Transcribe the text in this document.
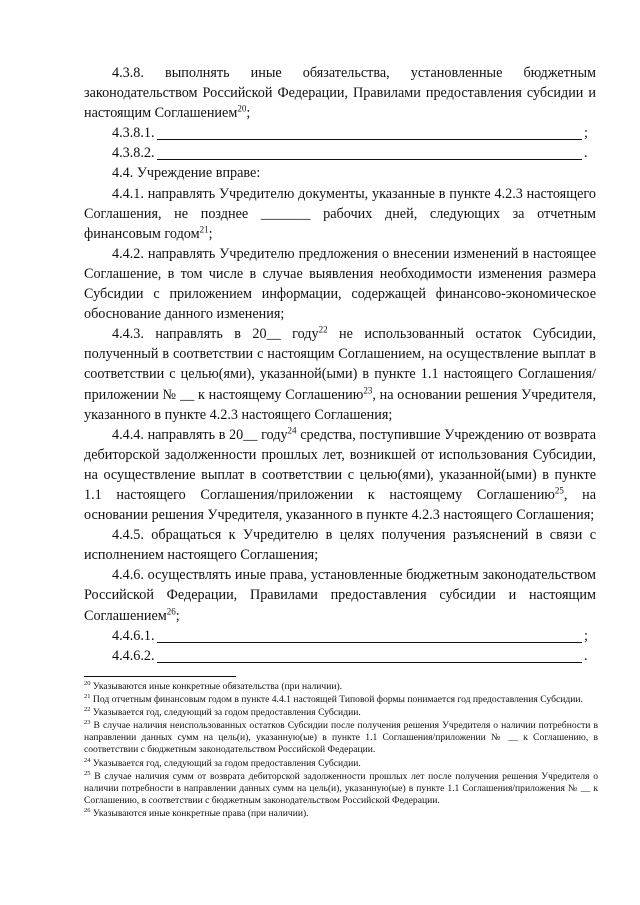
4.3.8. выполнять иные обязательства, установленные бюджетным законодательством Российской Федерации, Правилами предоставления субсидии и настоящим Соглашением$^{20}$;

4.3.8.1.	;
4.3.8.2.	.

4.4. Учреждение вправе:

4.4.1. направлять Учредителю документы, указанные в пункте 4.2.3 настоящего Соглашения, не позднее _______ рабочих дней, следующих за отчетным финансовым годом$^{21}$;

4.4.2. направлять Учредителю предложения о внесении изменений в настоящее Соглашение, в том числе в случае выявления необходимости изменения размера Субсидии с приложением информации, содержащей финансово-экономическое обоснование данного изменения;

4.4.3. направлять в 20__ году$^{22}$ не использованный остаток Субсидии, полученный в соответствии с настоящим Соглашением, на осуществление выплат в соответствии с целью(ями), указанной(ыми) в пункте 1.1 настоящего Соглашения/приложении № __ к настоящему Соглашению$^{23}$, на основании решения Учредителя, указанного в пункте 4.2.3 настоящего Соглашения;

4.4.4. направлять в 20__ году$^{24}$ средства, поступившие Учреждению от возврата дебиторской задолженности прошлых лет, возникшей от использования Субсидии, на осуществление выплат в соответствии с целью(ями), указанной(ыми) в пункте 1.1 настоящего Соглашения/приложении к настоящему Соглашению$^{25}$, на основании решения Учредителя, указанного в пункте 4.2.3 настоящего Соглашения;

4.4.5. обращаться к Учредителю в целях получения разъяснений в связи с исполнением настоящего Соглашения;

4.4.6. осуществлять иные права, установленные бюджетным законодательством Российской Федерации, Правилами предоставления субсидии и настоящим Соглашением$^{26}$;

4.4.6.1.	;
4.4.6.2.	.

$^{20}$ Указываются иные конкретные обязательства (при наличии).

$^{21}$ Под отчетным финансовым годом в пункте 4.4.1 настоящей Типовой формы понимается год предоставления Субсидии.

$^{22}$ Указывается год, следующий за годом предоставления Субсидии.

$^{23}$ В случае наличия неиспользованных остатков Субсидии после получения решения Учредителя о наличии потребности в направлении данных сумм на цель(и), указанную(ые) в пункте 1.1 Соглашения/приложении № __ к Соглашению, в соответствии с бюджетным законодательством Российской Федерации.

$^{24}$ Указывается год, следующий за годом предоставления Субсидии.

$^{25}$ В случае наличия сумм от возврата дебиторской задолженности прошлых лет после получения решения Учредителя о наличии потребности в направлении данных сумм на цель(и), указанную(ые) в пункте 1.1 Соглашения/приложения № __ к Соглашению, в соответствии с бюджетным законодательством Российской Федерации.

$^{26}$ Указываются иные конкретные права (при наличии).
